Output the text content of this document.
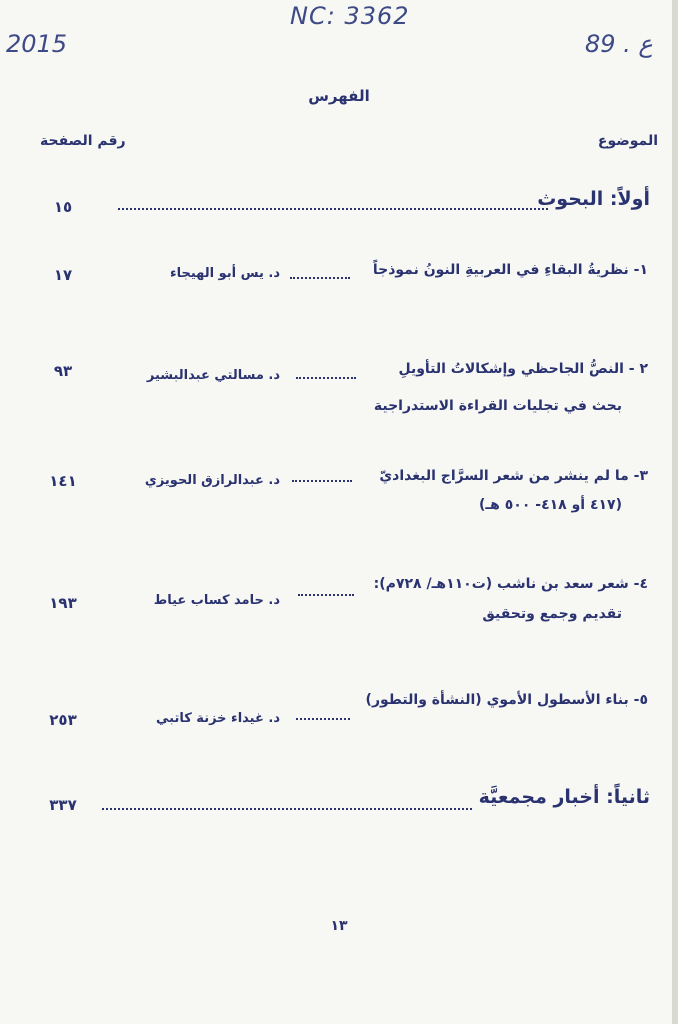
NC: 3362
2015	ع . 89
الفهرس
الموضوع
رقم الصفحة
أولاً: البحوث
١٥
١- نظريةُ البقاءِ في العربيةِ النونُ نموذجاً
د. يس أبو الهيجاء
١٧
٢ - النصُّ الجاحظي وإشكالاتُ التأويلِ
بحث في تجليات القراءة الاستدراجية
د. مسالتي عبدالبشير
٩٣
٣- ما لم ينشر من شعر السرَّاج البغداديّ
(٤١٧ أو ٤١٨- ٥٠٠ هـ)
د. عبدالرازق الحويزي
١٤١
٤- شعر سعد بن ناشب (ت١١٠هـ/ ٧٢٨م):
تقديم وجمع وتحقيق
د. حامد كساب عياط
١٩٣
٥- بناء الأسطول الأموي (النشأة والتطور)
د. غيداء خزنة كاتبي
٢٥٣
ثانياً: أخبار مجمعيَّة
٣٣٧
١٣
